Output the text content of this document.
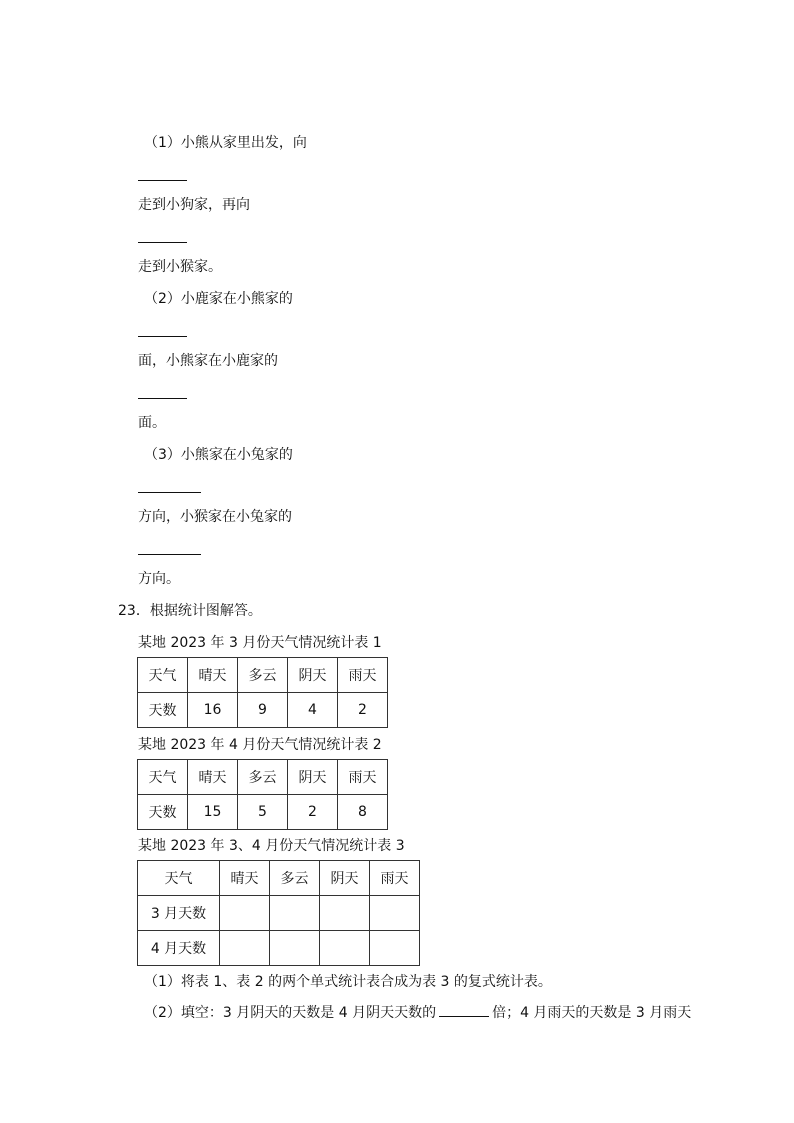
（1）小熊从家里出发，向
走到小狗家，再向
走到小猴家。
（2）小鹿家在小熊家的
面，小熊家在小鹿家的
面。
（3）小熊家在小兔家的
方向，小猴家在小兔家的
方向。
23．根据统计图解答。
某地 2023 年 3 月份天气情况统计表 1
天气	晴天	多云	阴天	雨天
天数	16	9	4	2
某地 2023 年 4 月份天气情况统计表 2
天气	晴天	多云	阴天	雨天
天数	15	5	2	8
某地 2023 年 3、4 月份天气情况统计表 3
天气	晴天	多云	阴天	雨天
3 月天数				
4 月天数				
（1）将表 1、表 2 的两个单式统计表合成为表 3 的复式统计表。
（2）填空：3 月阴天的天数是 4 月阴天天数的	倍；4 月雨天的天数是 3 月雨天
